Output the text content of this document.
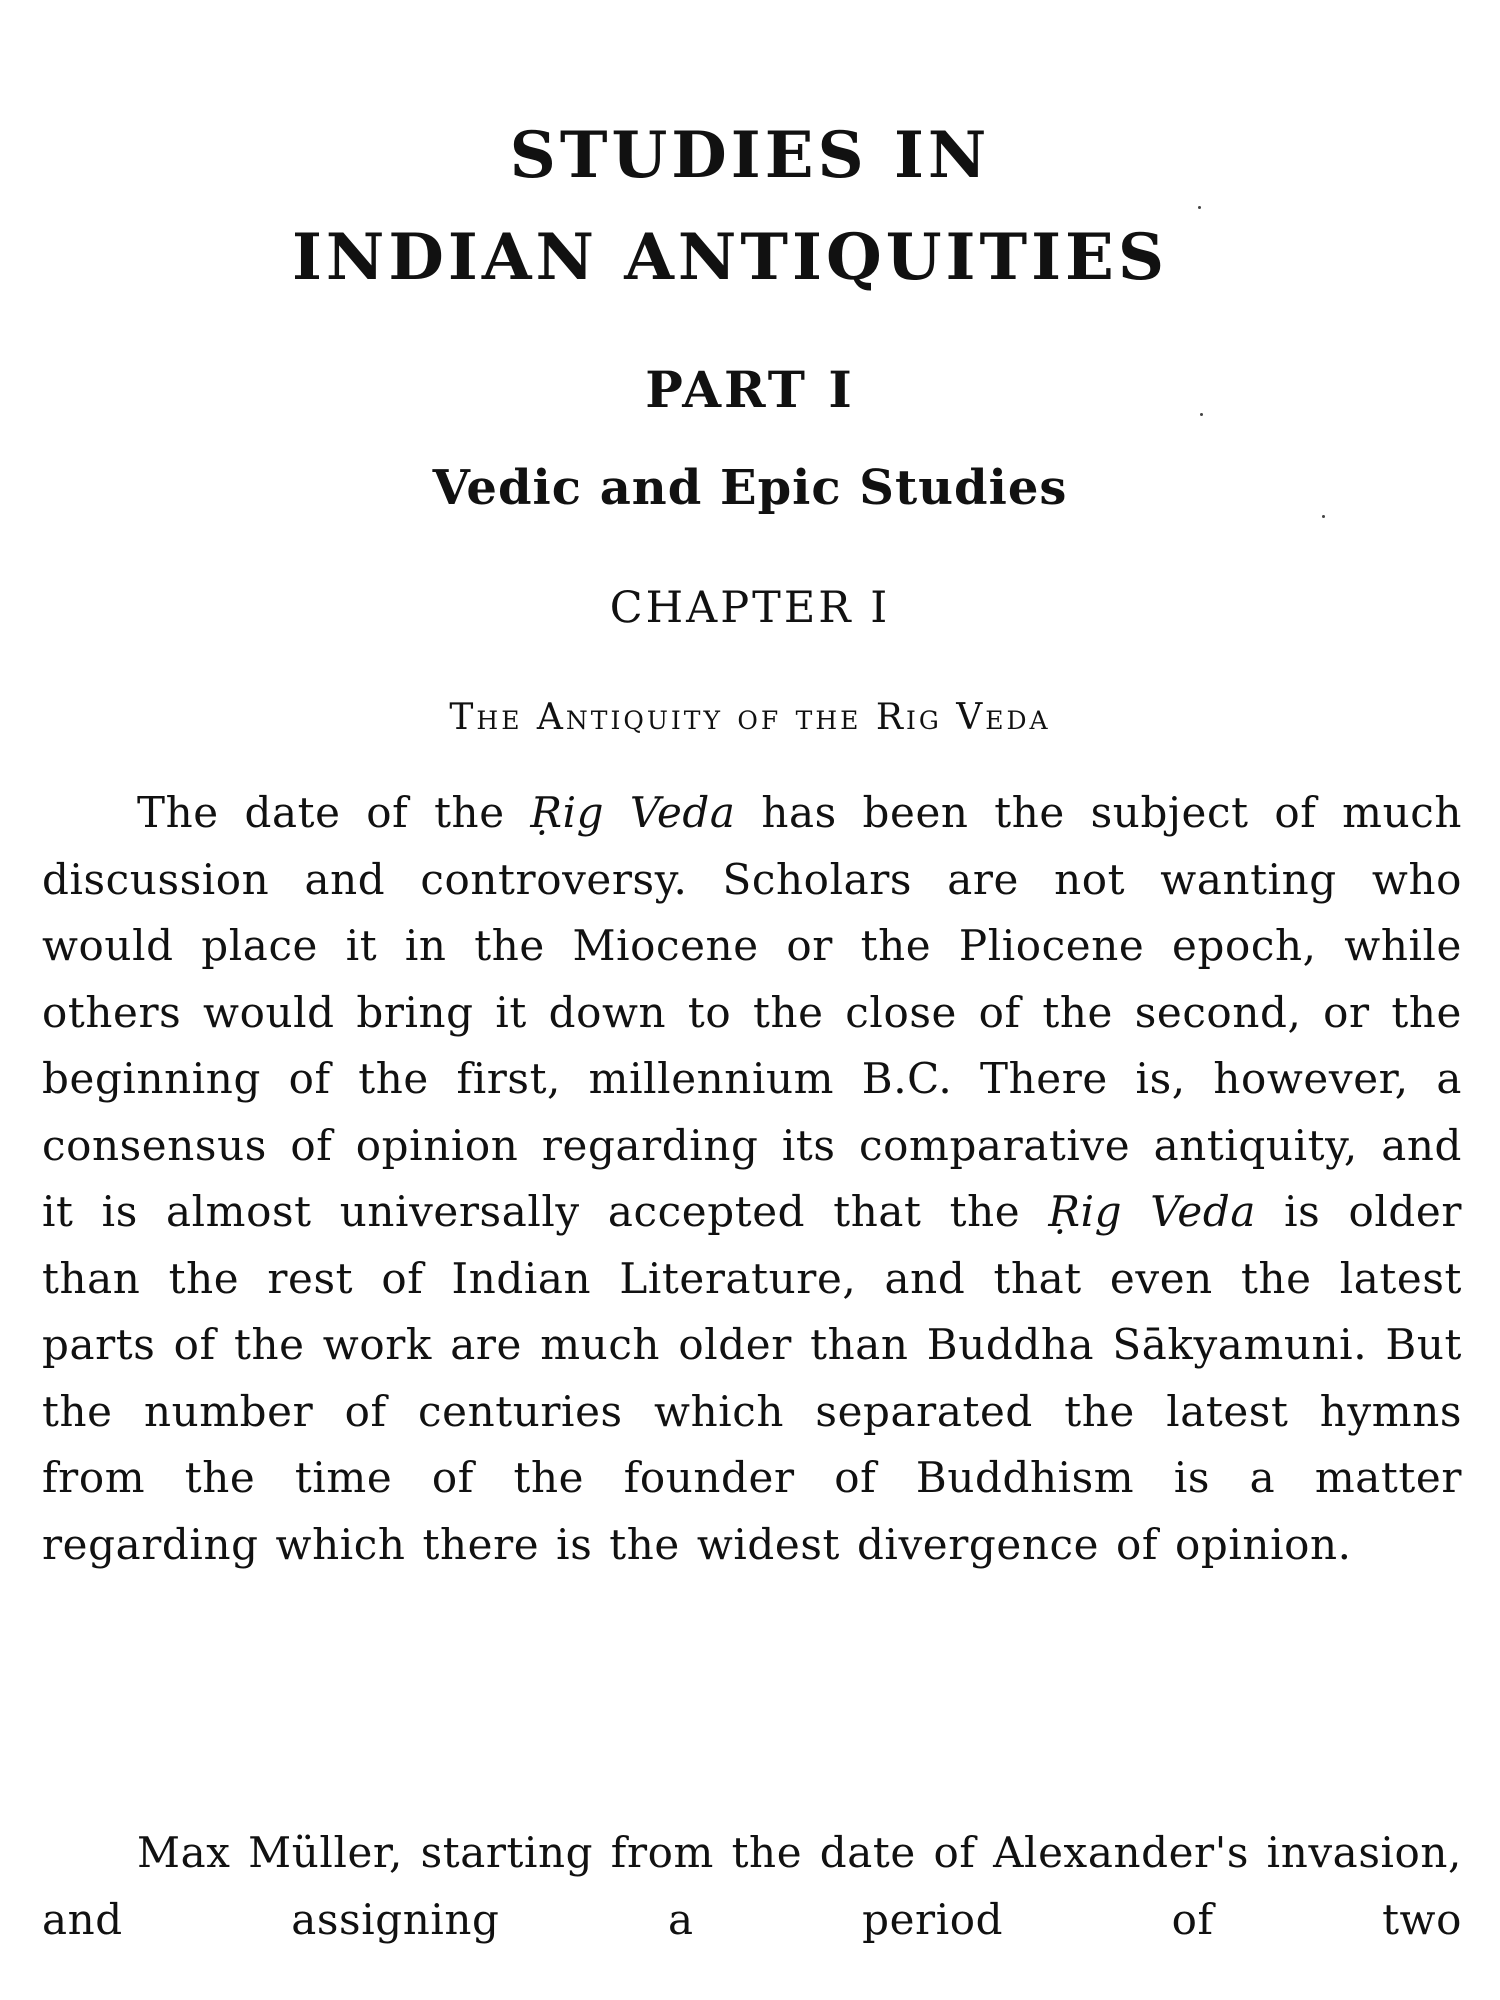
STUDIES IN
INDIAN ANTIQUITIES
PART I
Vedic and Epic Studies
CHAPTER I
The Antiquity of the Rig Veda
The date of the Ṛig Veda has been the subject of much discussion and controversy. Scholars are not wanting who would place it in the Miocene or the Pliocene epoch, while others would bring it down to the close of the second, or the beginning of the first, millennium B.C. There is, however, a consensus of opinion regarding its comparative antiquity, and it is almost universally accepted that the Ṛig Veda is older than the rest of Indian Literature, and that even the latest parts of the work are much older than Buddha Sākyamuni. But the number of centuries which separated the latest hymns from the time of the founder of Buddhism is a matter regarding which there is the widest divergence of opinion.
Max Müller, starting from the date of Alexander's invasion, and assigning a period of two
